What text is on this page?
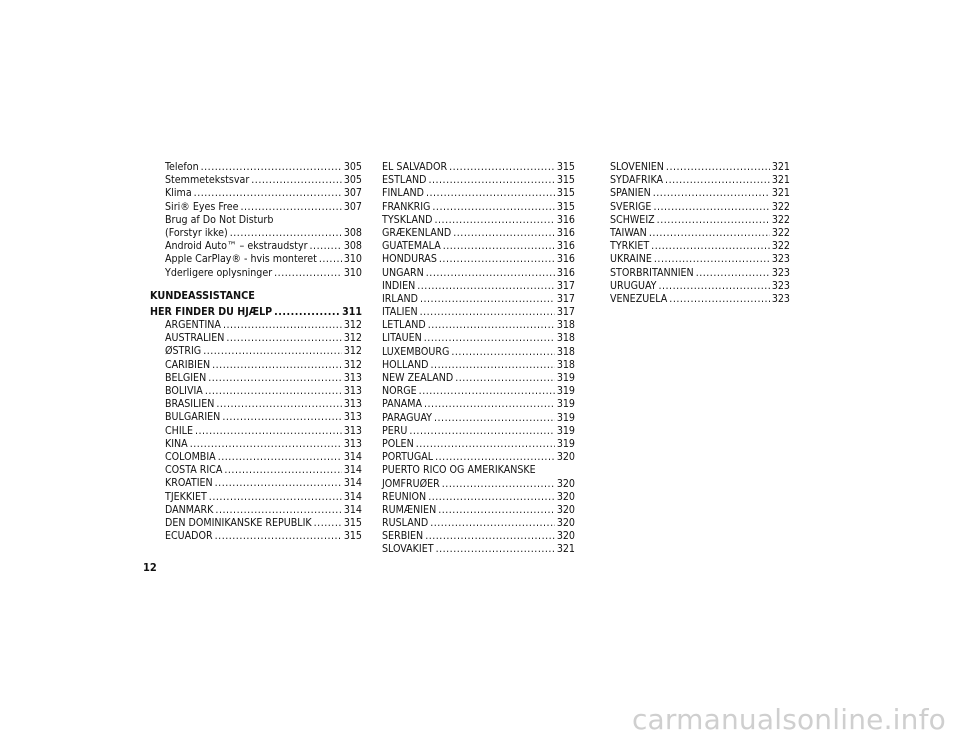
Telefon .....	305
Stemmetekstsvar .....	305
Klima .....	307
Siri® Eyes Free .....	307
Brug af Do Not Disturb
(Forstyr ikke) .....	308
Android Auto™ – ekstraudstyr .....	308
Apple CarPlay® - hvis monteret .....	310
Yderligere oplysninger .....	310
KUNDEASSISTANCE
HER FINDER DU HJÆLP .....	311
ARGENTINA .....	312
AUSTRALIEN .....	312
ØSTRIG .....	312
CARIBIEN .....	312
BELGIEN .....	313
BOLIVIA .....	313
BRASILIEN .....	313
BULGARIEN .....	313
CHILE .....	313
KINA .....	313
COLOMBIA .....	314
COSTA RICA .....	314
KROATIEN .....	314
TJEKKIET .....	314
DANMARK .....	314
DEN DOMINIKANSKE REPUBLIK .....	315
ECUADOR .....	315
EL SALVADOR .....	315
ESTLAND .....	315
FINLAND .....	315
FRANKRIG .....	315
TYSKLAND .....	316
GRÆKENLAND .....	316
GUATEMALA .....	316
HONDURAS .....	316
UNGARN .....	316
INDIEN .....	317
IRLAND .....	317
ITALIEN .....	317
LETLAND .....	318
LITAUEN .....	318
LUXEMBOURG .....	318
HOLLAND .....	318
NEW ZEALAND .....	319
NORGE .....	319
PANAMA .....	319
PARAGUAY .....	319
PERU .....	319
POLEN .....	319
PORTUGAL .....	320
PUERTO RICO OG AMERIKANSKE
JOMFRUØER .....	320
REUNION .....	320
RUMÆNIEN .....	320
RUSLAND .....	320
SERBIEN .....	320
SLOVAKIET .....	321
SLOVENIEN .....	321
SYDAFRIKA .....	321
SPANIEN .....	321
SVERIGE .....	322
SCHWEIZ .....	322
TAIWAN .....	322
TYRKIET .....	322
UKRAINE .....	323
STORBRITANNIEN .....	323
URUGUAY .....	323
VENEZUELA .....	323
12
carmanualsonline.info
